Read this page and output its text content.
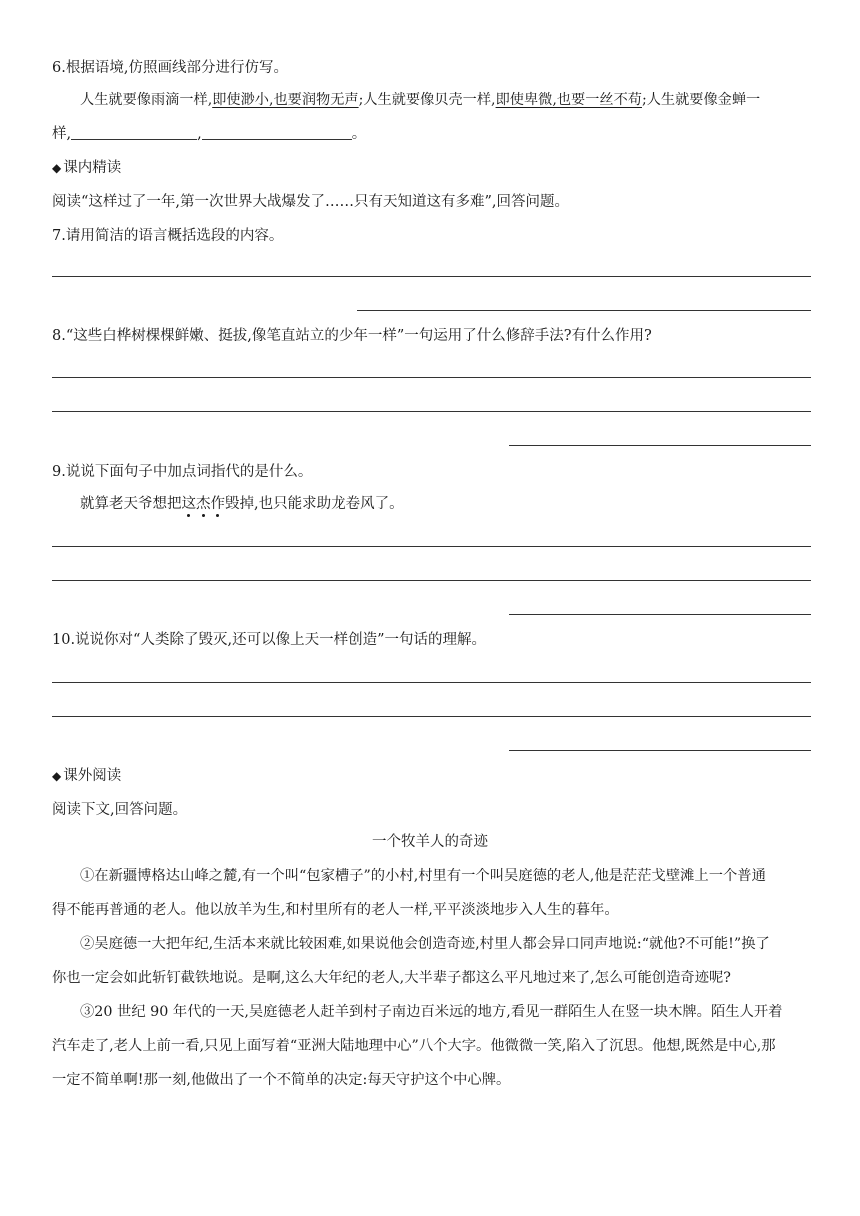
6.根据语境,仿照画线部分进行仿写。
人生就要像雨滴一样,即使渺小,也要润物无声;人生就要像贝壳一样,即使卑微,也要一丝不苟;人生就要像金蝉一
样,	,	。
◆ 课内精读
阅读“这样过了一年,第一次世界大战爆发了……只有天知道这有多难”,回答问题。
7.请用简洁的语言概括选段的内容。
8.“这些白桦树棵棵鲜嫩、挺拔,像笔直站立的少年一样”一句运用了什么修辞手法?有什么作用?
9.说说下面句子中加点词指代的是什么。
就算老天爷想把这杰作毁掉,也只能求助龙卷风了。
10.说说你对“人类除了毁灭,还可以像上天一样创造”一句话的理解。
◆ 课外阅读
阅读下文,回答问题。
一个牧羊人的奇迹
①在新疆博格达山峰之麓,有一个叫“包家槽子”的小村,村里有一个叫吴庭德的老人,他是茫茫戈壁滩上一个普通
得不能再普通的老人。他以放羊为生,和村里所有的老人一样,平平淡淡地步入人生的暮年。
②吴庭德一大把年纪,生活本来就比较困难,如果说他会创造奇迹,村里人都会异口同声地说:“就他?不可能!”换了
你也一定会如此斩钉截铁地说。是啊,这么大年纪的老人,大半辈子都这么平凡地过来了,怎么可能创造奇迹呢?
③20 世纪 90 年代的一天,吴庭德老人赶羊到村子南边百米远的地方,看见一群陌生人在竖一块木牌。陌生人开着
汽车走了,老人上前一看,只见上面写着“亚洲大陆地理中心”八个大字。他微微一笑,陷入了沉思。他想,既然是中心,那
一定不简单啊!那一刻,他做出了一个不简单的决定:每天守护这个中心牌。
